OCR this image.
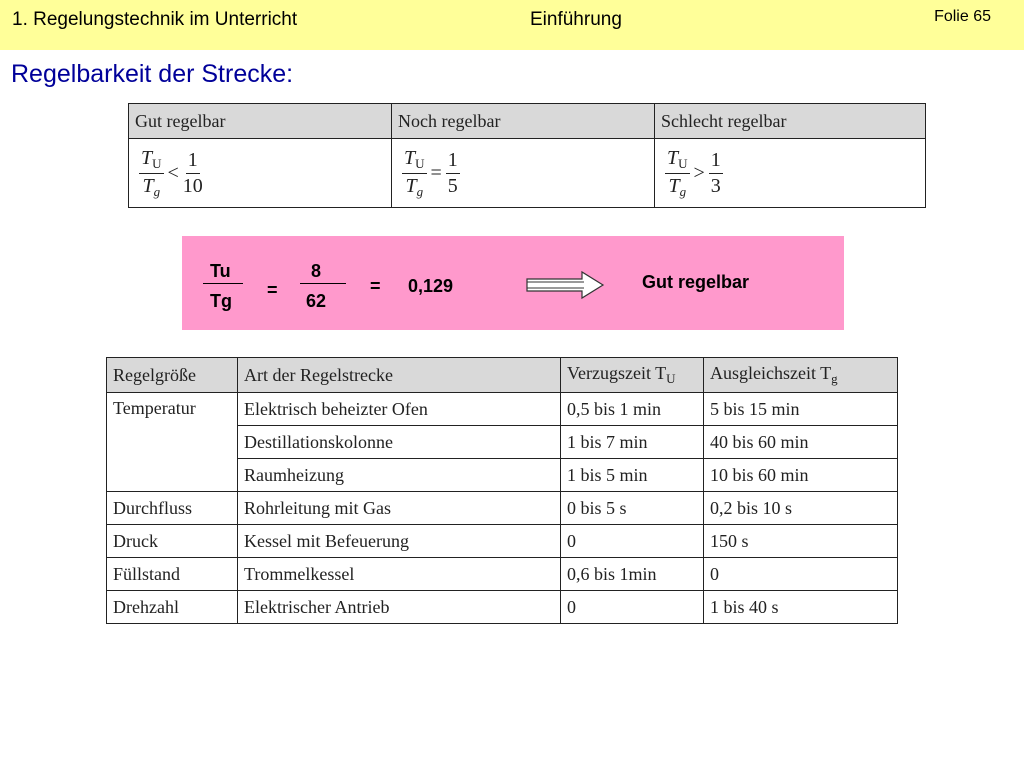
1. Regelungstechnik im Unterricht	Einführung	Folie 65
Regelbarkeit der Strecke:
Gut regelbar	Noch regelbar	Schlecht regelbar

$\frac{T_U}{T_g} < \frac{1}{10}$	$\frac{T_U}{T_g} = \frac{1}{5}$	$\frac{T_U}{T_g} > \frac{1}{3}$
Tu
Tg
=
8
62
= 0,129	Gut regelbar
Regelgröße	Art der Regelstrecke	Verzugszeit $T_U$	Ausgleichszeit $T_g$
Temperatur	Elektrisch beheizter Ofen	0,5 bis 1 min	5 bis 15 min
	Destillationskolonne	1 bis 7 min	40 bis 60 min
	Raumheizung	1 bis 5 min	10 bis 60 min
Durchfluss	Rohrleitung mit Gas	0 bis 5 s	0,2 bis 10 s
Druck	Kessel mit Befeuerung	0	150 s
Füllstand	Trommelkessel	0,6 bis 1min	0
Drehzahl	Elektrischer Antrieb	0	1 bis 40 s
